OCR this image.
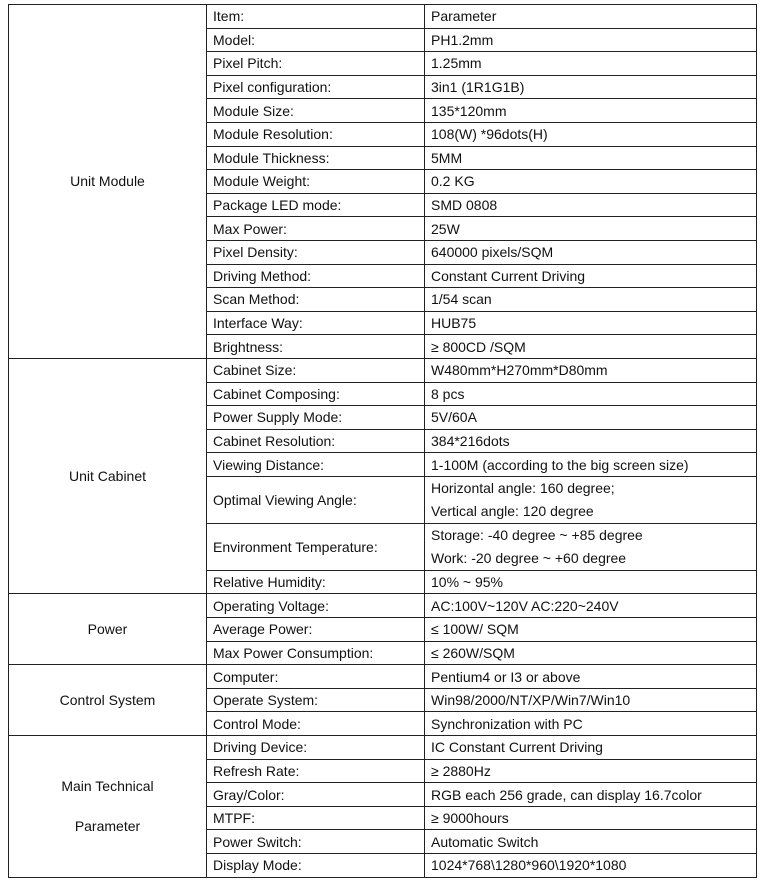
Unit Module	Item:	Parameter
	Model:	PH1.2mm
	Pixel Pitch:	1.25mm
	Pixel configuration:	3in1 (1R1G1B)
	Module Size:	135*120mm
	Module Resolution:	108(W) *96dots(H)
	Module Thickness:	5MM
	Module Weight:	0.2 KG
	Package LED mode:	SMD 0808
	Max Power:	25W
	Pixel Density:	640000 pixels/SQM
	Driving Method:	Constant Current Driving
	Scan Method:	1/54 scan
	Interface Way:	HUB75
	Brightness:	≥ 800CD /SQM

Unit Cabinet	Cabinet Size:	W480mm*H270mm*D80mm
	Cabinet Composing:	8 pcs
	Power Supply Mode:	5V/60A
	Cabinet Resolution:	384*216dots
	Viewing Distance:	1-100M (according to the big screen size)
	Optimal Viewing Angle:	Horizontal angle: 160 degree;
Vertical angle: 120 degree

	Environment Temperature:	Storage: -40 degree ~ +85 degree
Work: -20 degree ~ +60 degree

	Relative Humidity:	10% ~ 95%

Power	Operating Voltage:	AC:100V~120V AC:220~240V
	Average Power:	≤ 100W/ SQM
	Max Power Consumption:	≤ 260W/SQM

Control System	Computer:	Pentium4 or I3 or above
	Operate System:	Win98/2000/NT/XP/Win7/Win10
	Control Mode:	Synchronization with PC

Main Technical
Parameter	Driving Device:	IC Constant Current Driving
	Refresh Rate:	≥ 2880Hz
	Gray/Color:	RGB each 256 grade, can display 16.7color
	MTPF:	≥ 9000hours
	Power Switch:	Automatic Switch
	Display Mode:	1024*768\1280*960\1920*1080
